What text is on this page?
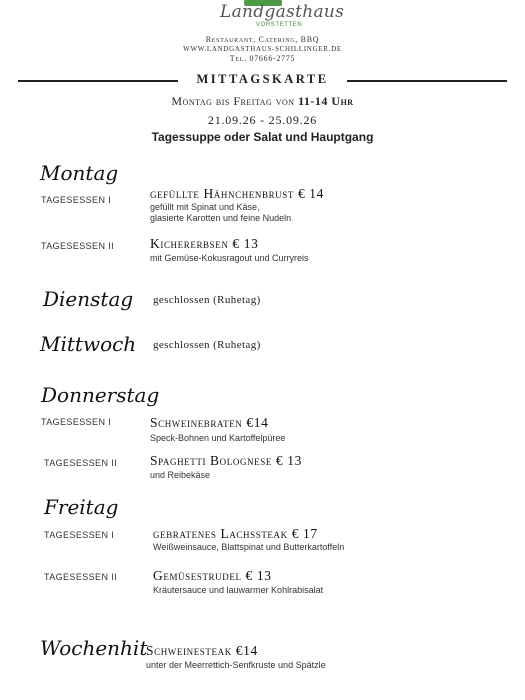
Landgasthaus
VORSTETTEN
Restaurant, Catering, BBQ
WWW.LANDGASTHAUS-SCHILLINGER.DE
Tel. 07666-2775
MITTAGSKARTE
Montag bis Freitag von 11-14 Uhr
21.09.26 - 25.09.26
Tagessuppe oder Salat und Hauptgang
Montag
TAGESESSEN I	gefüllte Hähnchenbrust € 14
gefüllt mit Spinat und Käse,
glasierte Karotten und feine Nudeln
TAGESESSEN II	Kichererbsen € 13
mit Gemüse-Kokusragout und Curryreis
Dienstag geschlossen (Ruhetag)
Mittwoch geschlossen (Ruhetag)
Donnerstag
TAGESESSEN I	Schweinebraten €14
Speck-Bohnen und Kartoffelpüree
TAGESESSEN II Spaghetti Bolognese € 13
und Reibekäse
Freitag
TAGESESSEN I	gebratenes Lachssteak € 17
Weißweinsauce, Blattspinat und Butterkartoffeln
TAGESESSEN II	Gemüsestrudel € 13
Kräutersauce und lauwarmer Kohlrabisalat
Wochenhit
Schweinesteak €14
unter der Meerrettich-Senfkruste und Spätzle
